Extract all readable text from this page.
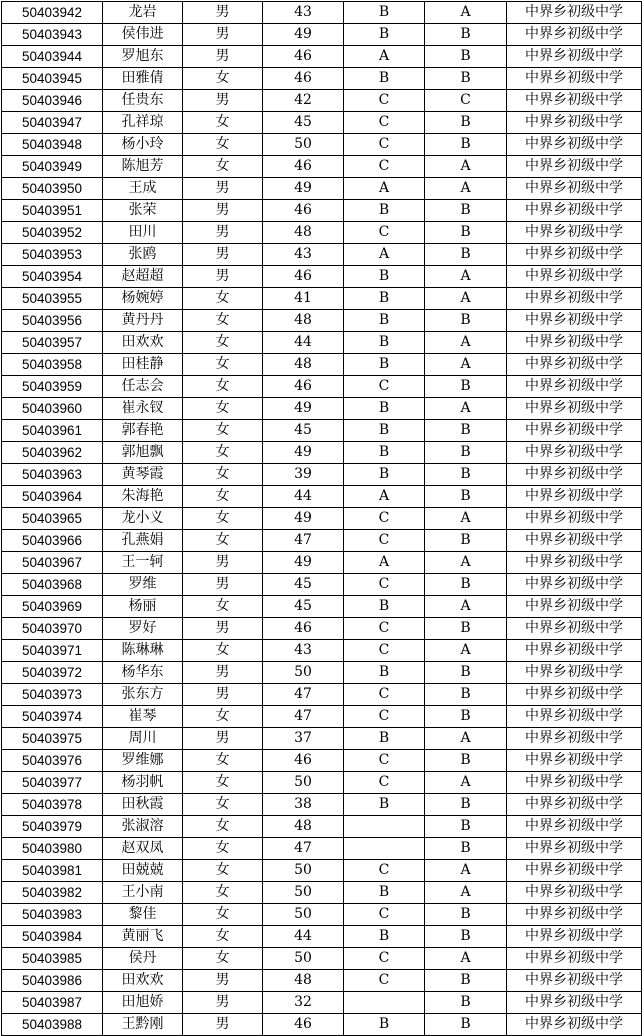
50403942	龙岩	男	43	B	A	中界乡初级中学
50403943	侯伟进	男	49	B	B	中界乡初级中学
50403944	罗旭东	男	46	A	B	中界乡初级中学
50403945	田雅倩	女	46	B	B	中界乡初级中学
50403946	任贵东	男	42	C	C	中界乡初级中学
50403947	孔祥琼	女	45	C	B	中界乡初级中学
50403948	杨小玲	女	50	C	B	中界乡初级中学
50403949	陈旭芳	女	46	C	A	中界乡初级中学
50403950	王成	男	49	A	A	中界乡初级中学
50403951	张荣	男	46	B	B	中界乡初级中学
50403952	田川	男	48	C	B	中界乡初级中学
50403953	张鸥	男	43	A	B	中界乡初级中学
50403954	赵超超	男	46	B	A	中界乡初级中学
50403955	杨婉婷	女	41	B	A	中界乡初级中学
50403956	黄丹丹	女	48	B	B	中界乡初级中学
50403957	田欢欢	女	44	B	A	中界乡初级中学
50403958	田桂静	女	48	B	A	中界乡初级中学
50403959	任志会	女	46	C	B	中界乡初级中学
50403960	崔永钗	女	49	B	A	中界乡初级中学
50403961	郭春艳	女	45	B	B	中界乡初级中学
50403962	郭旭飘	女	49	B	B	中界乡初级中学
50403963	黄琴霞	女	39	B	B	中界乡初级中学
50403964	朱海艳	女	44	A	B	中界乡初级中学
50403965	龙小义	女	49	C	A	中界乡初级中学
50403966	孔燕娟	女	47	C	B	中界乡初级中学
50403967	王一轲	男	49	A	A	中界乡初级中学
50403968	罗维	男	45	C	B	中界乡初级中学
50403969	杨丽	女	45	B	A	中界乡初级中学
50403970	罗好	男	46	C	B	中界乡初级中学
50403971	陈琳琳	女	43	C	A	中界乡初级中学
50403972	杨华东	男	50	B	B	中界乡初级中学
50403973	张东方	男	47	C	B	中界乡初级中学
50403974	崔琴	女	47	C	B	中界乡初级中学
50403975	周川	男	37	B	A	中界乡初级中学
50403976	罗维娜	女	46	C	B	中界乡初级中学
50403977	杨羽帆	女	50	C	A	中界乡初级中学
50403978	田秋霞	女	38	B	B	中界乡初级中学
50403979	张淑溶	女	48		B	中界乡初级中学
50403980	赵双凤	女	47		B	中界乡初级中学
50403981	田兢兢	女	50	C	A	中界乡初级中学
50403982	王小南	女	50	B	A	中界乡初级中学
50403983	黎佳	女	50	C	B	中界乡初级中学
50403984	黄丽飞	女	44	B	B	中界乡初级中学
50403985	侯丹	女	50	C	A	中界乡初级中学
50403986	田欢欢	男	48	C	B	中界乡初级中学
50403987	田旭娇	男	32		B	中界乡初级中学
50403988	王黔刚	男	46	B	B	中界乡初级中学
